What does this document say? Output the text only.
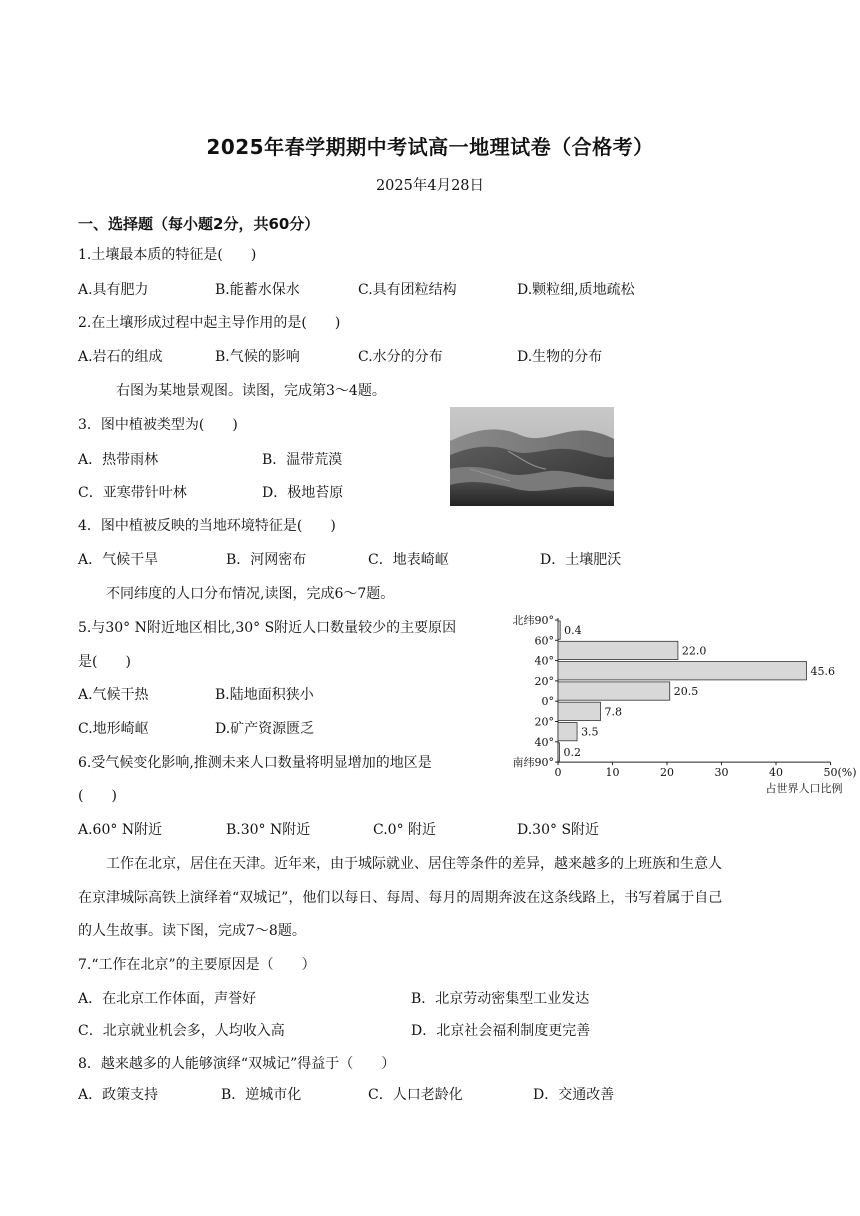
2025年春学期期中考试高一地理试卷（合格考）
2025年4月28日
一、选择题（每小题2分，共60分）
1.土壤最本质的特征是(　　)
A.具有肥力	B.能蓄水保水	C.具有团粒结构	D.颗粒细,质地疏松
2.在土壤形成过程中起主导作用的是(　　)
A.岩石的组成	B.气候的影响	C.水分的分布	D.生物的分布
右图为某地景观图。读图，完成第3～4题。
3．图中植被类型为(　　)
A．热带雨林	B．温带荒漠
C．亚寒带针叶林	D．极地苔原
4．图中植被反映的当地环境特征是(　　)
A．气候干旱	B．河网密布	C．地表崎岖	D．土壤肥沃
不同纬度的人口分布情况,读图，完成6～7题。
5.与30° N附近地区相比,30° S附近人口数量较少的主要原因
是(　　)
A.气候干热	B.陆地面积狭小
C.地形崎岖	D.矿产资源匮乏
6.受气候变化影响,推测未来人口数量将明显增加的地区是
(　　)
A.60° N附近	B.30° N附近	C.0° 附近	D.30° S附近
北纬90°
60°
40°
20°
0°
20°
40°
南纬90°
0.4
22.0
45.6
20.5
7.8
3.5
0.2
0	10	20	30	40	50(%)
占世界人口比例
工作在北京，居住在天津。近年来，由于城际就业、居住等条件的差异，越来越多的上班族和生意人
在京津城际高铁上演绎着“双城记”，他们以每日、每周、每月的周期奔波在这条线路上，书写着属于自己
的人生故事。读下图，完成7～8题。
7.“工作在北京”的主要原因是（　　）
A．在北京工作体面，声誉好	B．北京劳动密集型工业发达
C．北京就业机会多，人均收入高	D．北京社会福利制度更完善
8．越来越多的人能够演绎“双城记”得益于（　　）
A．政策支持	B．逆城市化	C．人口老龄化	D．交通改善
